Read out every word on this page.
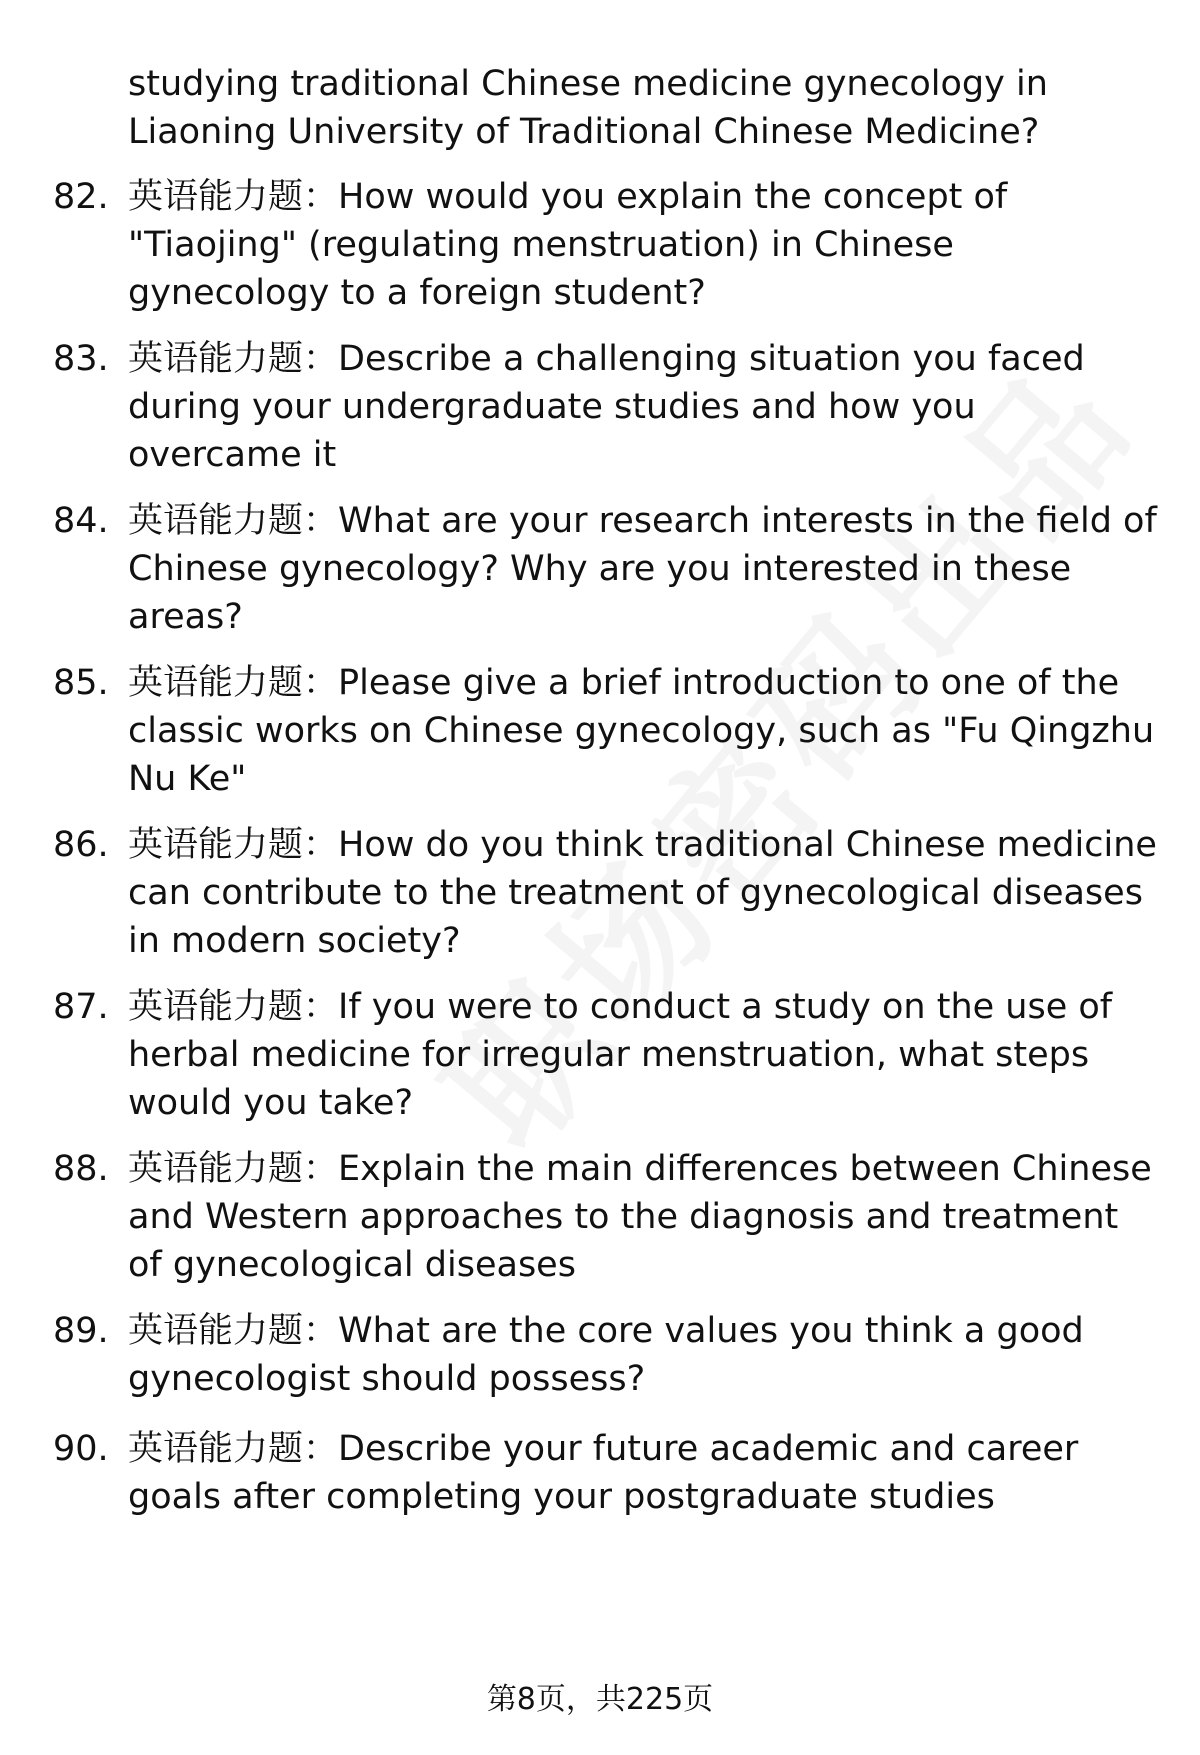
studying traditional Chinese medicine gynecology in Liaoning University of Traditional Chinese Medicine?
82. 英语能力题：How would you explain the concept of "Tiaojing" (regulating menstruation) in Chinese gynecology to a foreign student?
83. 英语能力题：Describe a challenging situation you faced during your undergraduate studies and how you overcame it
84. 英语能力题：What are your research interests in the field of Chinese gynecology? Why are you interested in these areas?
85. 英语能力题：Please give a brief introduction to one of the classic works on Chinese gynecology, such as "Fu Qingzhu Nu Ke"
86. 英语能力题：How do you think traditional Chinese medicine can contribute to the treatment of gynecological diseases in modern society?
87. 英语能力题：If you were to conduct a study on the use of herbal medicine for irregular menstruation, what steps would you take?
88. 英语能力题：Explain the main differences between Chinese and Western approaches to the diagnosis and treatment of gynecological diseases
89. 英语能力题：What are the core values you think a good gynecologist should possess?
90. 英语能力题：Describe your future academic and career goals after completing your postgraduate studies
第8页，共225页
